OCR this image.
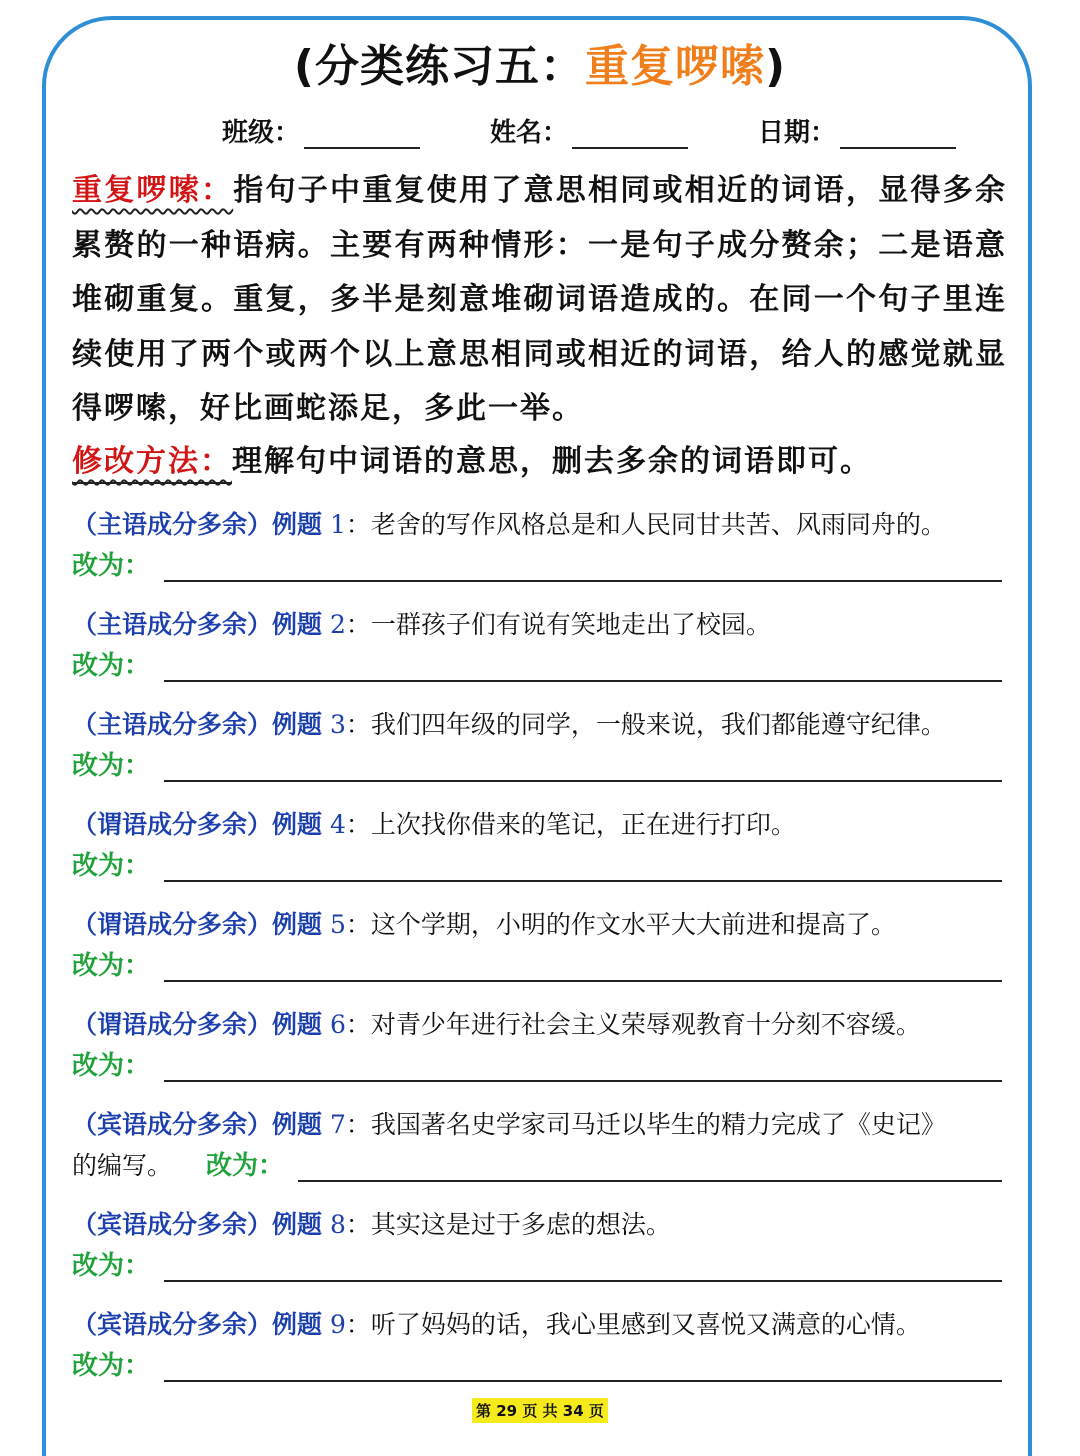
(分类练习五：重复啰嗦)
班级：	姓名：	日期：
重复啰嗦：指句子中重复使用了意思相同或相近的词语，显得多余累赘的一种语病。主要有两种情形：一是句子成分赘余；二是语意堆砌重复。重复，多半是刻意堆砌词语造成的。在同一个句子里连续使用了两个或两个以上意思相同或相近的词语，给人的感觉就显得啰嗦，好比画蛇添足，多此一举。
修改方法：理解句中词语的意思，删去多余的词语即可。
（主语成分多余）例题 1：老舍的写作风格总是和人民同甘共苦、风雨同舟的。
改为：
（主语成分多余）例题 2：一群孩子们有说有笑地走出了校园。
改为：
（主语成分多余）例题 3：我们四年级的同学，一般来说，我们都能遵守纪律。
改为：
（谓语成分多余）例题 4：上次找你借来的笔记，正在进行打印。
改为：
（谓语成分多余）例题 5：这个学期，小明的作文水平大大前进和提高了。
改为：
（谓语成分多余）例题 6：对青少年进行社会主义荣辱观教育十分刻不容缓。
改为：
（宾语成分多余）例题 7：我国著名史学家司马迁以毕生的精力完成了《史记》
的编写。 改为：
（宾语成分多余）例题 8：其实这是过于多虑的想法。
改为：
（宾语成分多余）例题 9：听了妈妈的话，我心里感到又喜悦又满意的心情。
改为：
第 29 页 共 34 页
